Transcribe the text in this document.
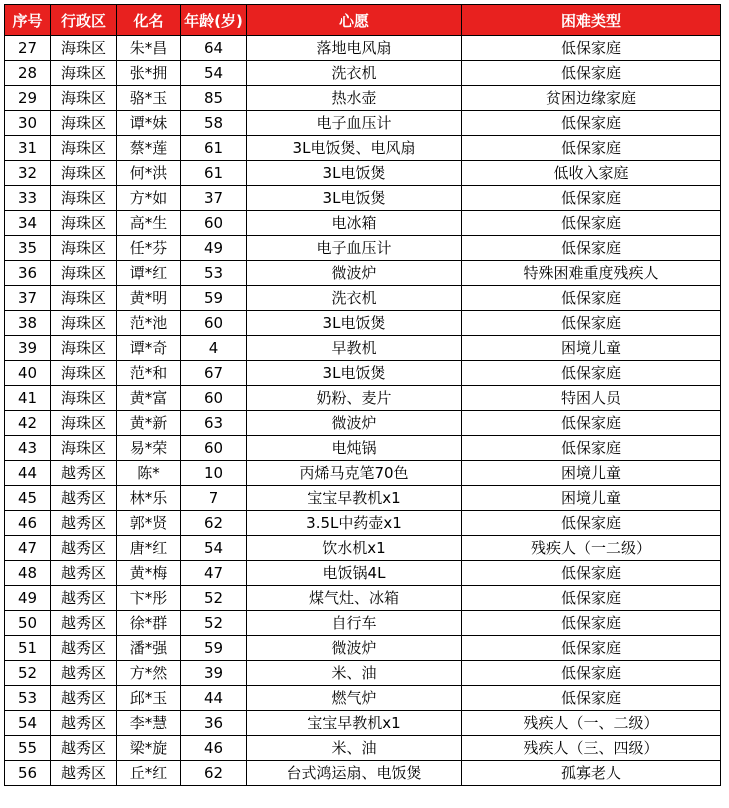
序号	行政区	化名	年龄(岁)	心愿	困难类型
27	海珠区	朱*昌	64	落地电风扇	低保家庭
28	海珠区	张*拥	54	洗衣机	低保家庭
29	海珠区	骆*玉	85	热水壶	贫困边缘家庭
30	海珠区	谭*妹	58	电子血压计	低保家庭
31	海珠区	蔡*莲	61	3L电饭煲、电风扇	低保家庭
32	海珠区	何*洪	61	3L电饭煲	低收入家庭
33	海珠区	方*如	37	3L电饭煲	低保家庭
34	海珠区	高*生	60	电冰箱	低保家庭
35	海珠区	任*芬	49	电子血压计	低保家庭
36	海珠区	谭*红	53	微波炉	特殊困难重度残疾人
37	海珠区	黄*明	59	洗衣机	低保家庭
38	海珠区	范*池	60	3L电饭煲	低保家庭
39	海珠区	谭*奇	4	早教机	困境儿童
40	海珠区	范*和	67	3L电饭煲	低保家庭
41	海珠区	黄*富	60	奶粉、麦片	特困人员
42	海珠区	黄*新	63	微波炉	低保家庭
43	海珠区	易*荣	60	电炖锅	低保家庭
44	越秀区	陈*	10	丙烯马克笔70色	困境儿童
45	越秀区	林*乐	7	宝宝早教机x1	困境儿童
46	越秀区	郭*贤	62	3.5L中药壶x1	低保家庭
47	越秀区	唐*红	54	饮水机x1	残疾人（一二级）
48	越秀区	黄*梅	47	电饭锅4L	低保家庭
49	越秀区	卞*彤	52	煤气灶、冰箱	低保家庭
50	越秀区	徐*群	52	自行车	低保家庭
51	越秀区	潘*强	59	微波炉	低保家庭
52	越秀区	方*然	39	米、油	低保家庭
53	越秀区	邱*玉	44	燃气炉	低保家庭
54	越秀区	李*慧	36	宝宝早教机x1	残疾人（一、二级）
55	越秀区	梁*旋	46	米、油	残疾人（三、四级）
56	越秀区	丘*红	62	台式鸿运扇、电饭煲	孤寡老人
